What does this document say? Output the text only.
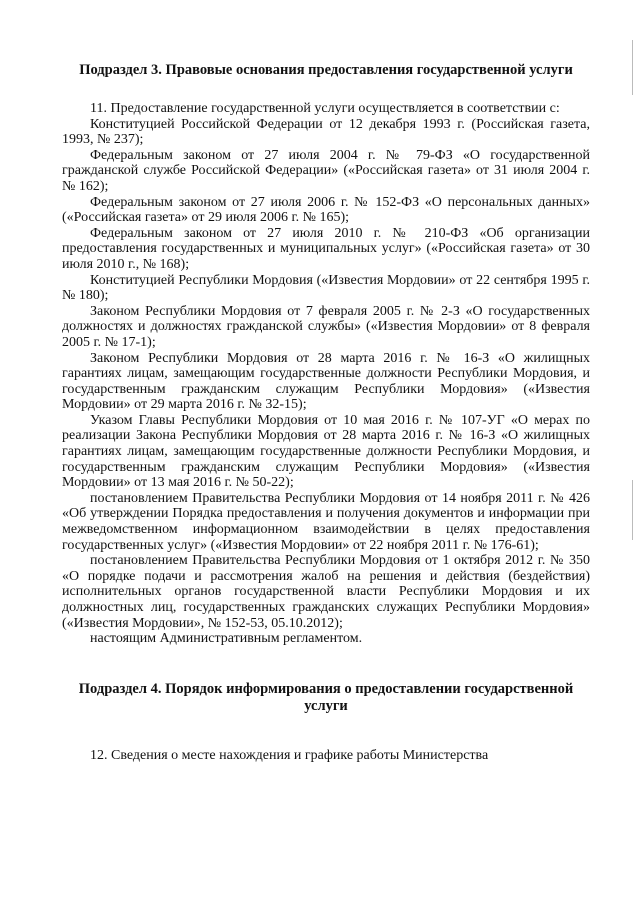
Подраздел 3. Правовые основания предоставления государственной услуги

11. Предоставление государственной услуги осуществляется в соответствии с:

Конституцией Российской Федерации от 12 декабря 1993 г. (Российская газета, 1993, № 237);

Федеральным законом от 27 июля 2004 г. № 79-ФЗ «О государственной гражданской службе Российской Федерации» («Российская газета» от 31 июля 2004 г. № 162);

Федеральным законом от 27 июля 2006 г. № 152-ФЗ «О персональных данных» («Российская газета» от 29 июля 2006 г. № 165);

Федеральным законом от 27 июля 2010 г. № 210-ФЗ «Об организации предоставления государственных и муниципальных услуг» («Российская газета» от 30 июля 2010 г., № 168);

Конституцией Республики Мордовия («Известия Мордовии» от 22 сентября 1995 г. № 180);

Законом Республики Мордовия от 7 февраля 2005 г. № 2-З «О государственных должностях и должностях гражданской службы» («Известия Мордовии» от 8 февраля 2005 г. № 17-1);

Законом Республики Мордовия от 28 марта 2016 г. № 16-З «О жилищных гарантиях лицам, замещающим государственные должности Республики Мордовия, и государственным гражданским служащим Республики Мордовия» («Известия Мордовии» от 29 марта 2016 г. № 32-15);

Указом Главы Республики Мордовия от 10 мая 2016 г. № 107-УГ «О мерах по реализации Закона Республики Мордовия от 28 марта 2016 г. № 16-З «О жилищных гарантиях лицам, замещающим государственные должности Республики Мордовия, и государственным гражданским служащим Республики Мордовия» («Известия Мордовии» от 13 мая 2016 г. № 50-22);

постановлением Правительства Республики Мордовия от 14 ноября 2011 г. № 426 «Об утверждении Порядка предоставления и получения документов и информации при межведомственном информационном взаимодействии в целях предоставления государственных услуг» («Известия Мордовии» от 22 ноября 2011 г. № 176-61);

постановлением Правительства Республики Мордовия от 1 октября 2012 г. № 350 «О порядке подачи и рассмотрения жалоб на решения и действия (бездействия) исполнительных органов государственной власти Республики Мордовия и их должностных лиц, государственных гражданских служащих Республики Мордовия» («Известия Мордовии», № 152-53, 05.10.2012);

настоящим Административным регламентом.

Подраздел 4. Порядок информирования о предоставлении государственной услуги

12. Сведения о месте нахождения и графике работы Министерства
